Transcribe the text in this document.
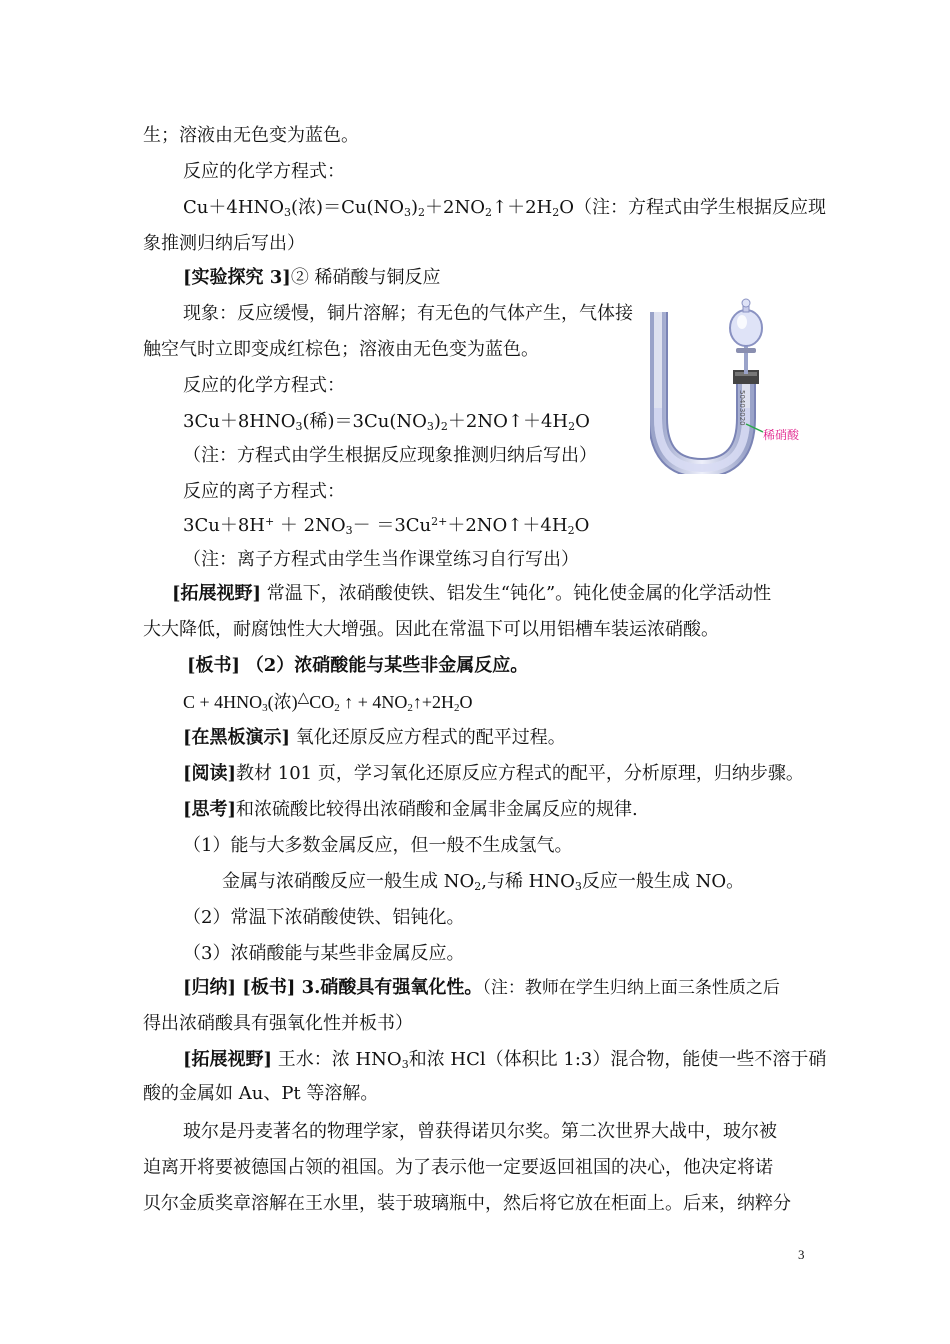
生；溶液由无色变为蓝色。
反应的化学方程式：
$Cu+4HNO_3$(浓)$=Cu(NO_3)_2+2NO_2↑+2H_2O$（注：方程式由学生根据反应现
象推测归纳后写出）
[实验探究 3]② 稀硝酸与铜反应
现象：反应缓慢，铜片溶解；有无色的气体产生，气体接
触空气时立即变成红棕色；溶液由无色变为蓝色。
反应的化学方程式：
$3Cu+8HNO_3$(稀)$=3Cu(NO_3)_2+2NO↑+4H_2O$
（注：方程式由学生根据反应现象推测归纳后写出）
反应的离子方程式：
$3Cu+8H^+ + 2NO_3-$ $=3Cu^{2+}+2NO↑+4H_2O$
（注：离子方程式由学生当作课堂练习自行写出）
[拓展视野] 常温下，浓硝酸使铁、铝发生“钝化”。钝化使金属的化学活动性
大大降低，耐腐蚀性大大增强。因此在常温下可以用铝槽车装运浓硝酸。
[板书] （2）浓硝酸能与某些非金属反应。
$C + 4HNO_3$(浓)$^\triangle CO_2$ ↑ + $4NO_2↑+2H_2O$
[在黑板演示] 氧化还原反应方程式的配平过程。
[阅读]教材 101 页，学习氧化还原反应方程式的配平，分析原理，归纳步骤。
[思考]和浓硫酸比较得出浓硝酸和金属非金属反应的规律.
（1）能与大多数金属反应，但一般不生成氢气。
金属与浓硝酸反应一般生成 $NO_2$,与稀 $HNO_3$反应一般生成 NO。
（2）常温下浓硝酸使铁、铝钝化。
（3）浓硝酸能与某些非金属反应。
[归纳] [板书] 3.硝酸具有强氧化性。（注：教师在学生归纳上面三条性质之后
得出浓硝酸具有强氧化性并板书）
[拓展视野] 王水：浓 $HNO_3$和浓 HCl（体积比 1:3）混合物，能使一些不溶于硝
酸的金属如 Au、Pt 等溶解。
玻尔是丹麦著名的物理学家，曾获得诺贝尔奖。第二次世界大战中，玻尔被
迫离开将要被德国占领的祖国。为了表示他一定要返回祖国的决心，他决定将诺
贝尔金质奖章溶解在王水里，装于玻璃瓶中，然后将它放在柜面上。后来，纳粹分
50403020
稀硝酸
3
